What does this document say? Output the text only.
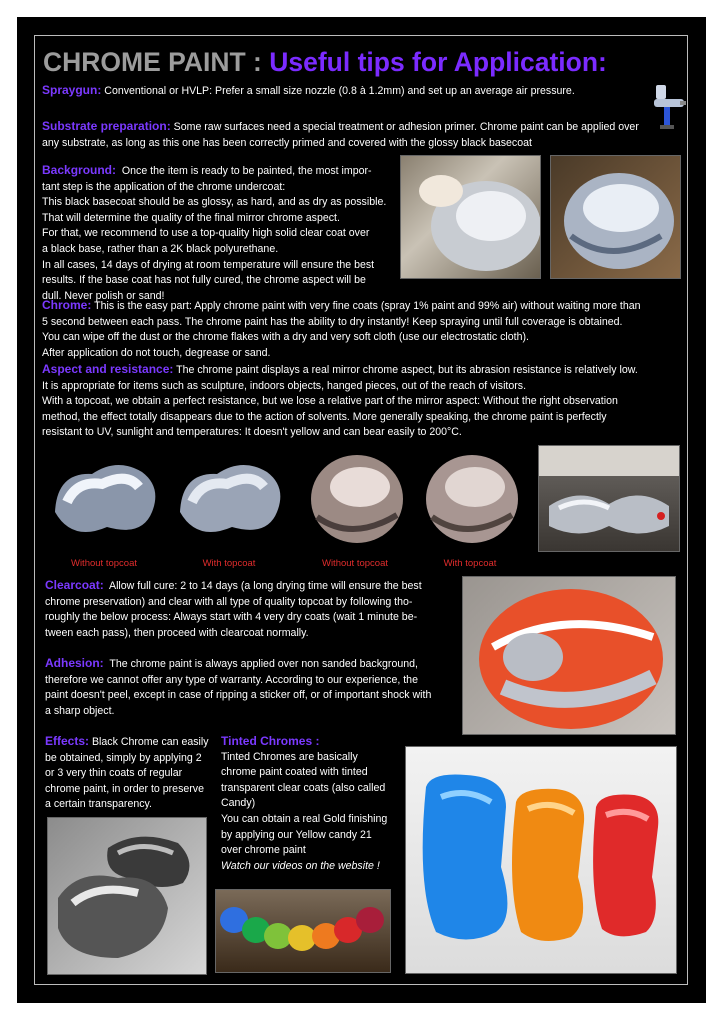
CHROME PAINT : Useful tips for Application:
Spraygun: Conventional or HVLP: Prefer a small size nozzle (0.8 à 1.2mm) and set up an average air pressure.
Substrate preparation: Some raw surfaces need a special treatment or adhesion primer. Chrome paint can be applied over any substrate, as long as this one has been correctly primed and covered with the glossy black basecoat
Background: Once the item is ready to be painted, the most impor-
tant step is the application of the chrome undercoat:
This black basecoat should be as glossy, as hard, and as dry as possible.
That will determine the quality of the final mirror chrome aspect.
For that, we recommend to use a top-quality high solid clear coat over
a black base, rather than a 2K black polyurethane.
In all cases, 14 days of drying at room temperature will ensure the best
results. If the base coat has not fully cured, the chrome aspect will be
dull. Never polish or sand!
Chrome: This is the easy part: Apply chrome paint with very fine coats (spray 1% paint and 99% air) without waiting more than
5 second between each pass. The chrome paint has the ability to dry instantly! Keep spraying until full coverage is obtained.
You can wipe off the dust or the chrome flakes with a dry and very soft cloth (use our electrostatic cloth).
After application do not touch, degrease or sand.
Aspect and resistance: The chrome paint displays a real mirror chrome aspect, but its abrasion resistance is relatively low.
It is appropriate for items such as sculpture, indoors objects, hanged pieces, out of the reach of visitors.
With a topcoat, we obtain a perfect resistance, but we lose a relative part of the mirror aspect: Without the right observation
method, the effect totally disappears due to the action of solvents. More generally speaking, the chrome paint is perfectly
resistant to UV, sunlight and temperatures: It doesn't yellow and can bear easily to 200°C.
Without topcoat	With topcoat	Without topcoat	With topcoat
Clearcoat: Allow full cure: 2 to 14 days (a long drying time will ensure the best
chrome preservation) and clear with all type of quality topcoat by following tho-
roughly the below process: Always start with 4 very dry coats (wait 1 minute be-
tween each pass), then proceed with clearcoat normally.
Adhesion: The chrome paint is always applied over non sanded background,
therefore we cannot offer any type of warranty. According to our experience, the
paint doesn't peel, except in case of ripping a sticker off, or of important shock with
a sharp object.
Effects: Black Chrome can easily
be obtained, simply by applying 2
or 3 very thin coats of regular
chrome paint, in order to preserve
a certain transparency.
Tinted Chromes :
Tinted Chromes are basically
chrome paint coated with tinted
transparent clear coats (also called
Candy)
You can obtain a real Gold finishing
by applying our Yellow candy 21
over chrome paint
Watch our videos on the website !
